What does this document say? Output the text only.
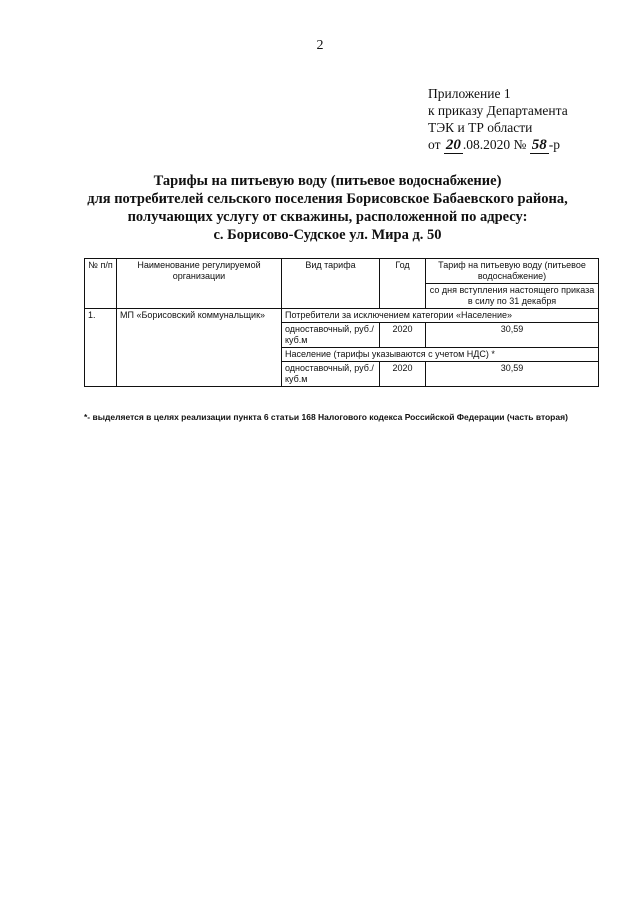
2
Приложение 1
к приказу Департамента
ТЭК и ТР области
от 20 .08.2020 № 58 -р
Тарифы на питьевую воду (питьевое водоснабжение)
для потребителей сельского поселения Борисовское Бабаевского района,
получающих услугу от скважины, расположенной по адресу:
с. Борисово-Судское ул. Мира д. 50
№ п/п	Наименование регулируемой организации	Вид тарифа	Год	Тариф на питьевую воду (питьевое водоснабжение)
				со дня вступления настоящего приказа в силу по 31 декабря
1.	МП «Борисовский коммунальщик»	Потребители за исключением категории «Население»		
		одноставочный, руб./куб.м	2020	30,59
		Население (тарифы указываются с учетом НДС) *		
		одноставочный, руб./куб.м	2020	30,59
*- выделяется в целях реализации пункта 6 статьи 168 Налогового кодекса Российской Федерации (часть вторая)
